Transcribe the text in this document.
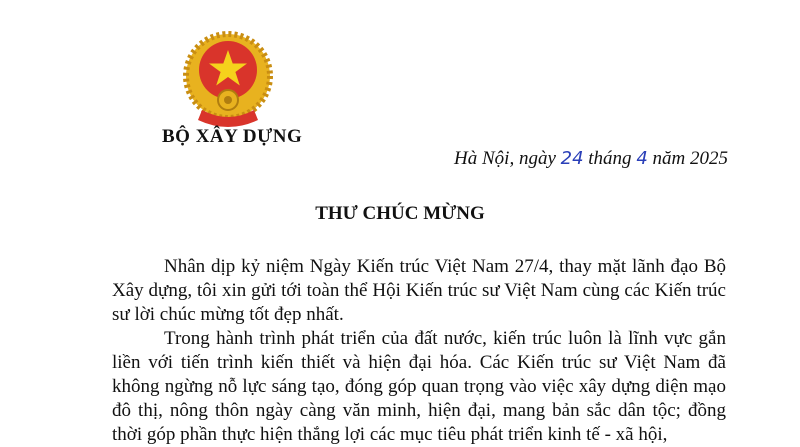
BỘ XÂY DỰNG
Hà Nội, ngày 24 tháng 4 năm 2025
THƯ CHÚC MỪNG

Nhân dịp kỷ niệm Ngày Kiến trúc Việt Nam 27/4, thay mặt lãnh đạo Bộ Xây dựng, tôi xin gửi tới toàn thể Hội Kiến trúc sư Việt Nam cùng các Kiến trúc sư lời chúc mừng tốt đẹp nhất.

Trong hành trình phát triển của đất nước, kiến trúc luôn là lĩnh vực gắn liền với tiến trình kiến thiết và hiện đại hóa. Các Kiến trúc sư Việt Nam đã không ngừng nỗ lực sáng tạo, đóng góp quan trọng vào việc xây dựng diện mạo đô thị, nông thôn ngày càng văn minh, hiện đại, mang bản sắc dân tộc; đồng thời góp phần thực hiện thắng lợi các mục tiêu phát triển kinh tế - xã hội,
